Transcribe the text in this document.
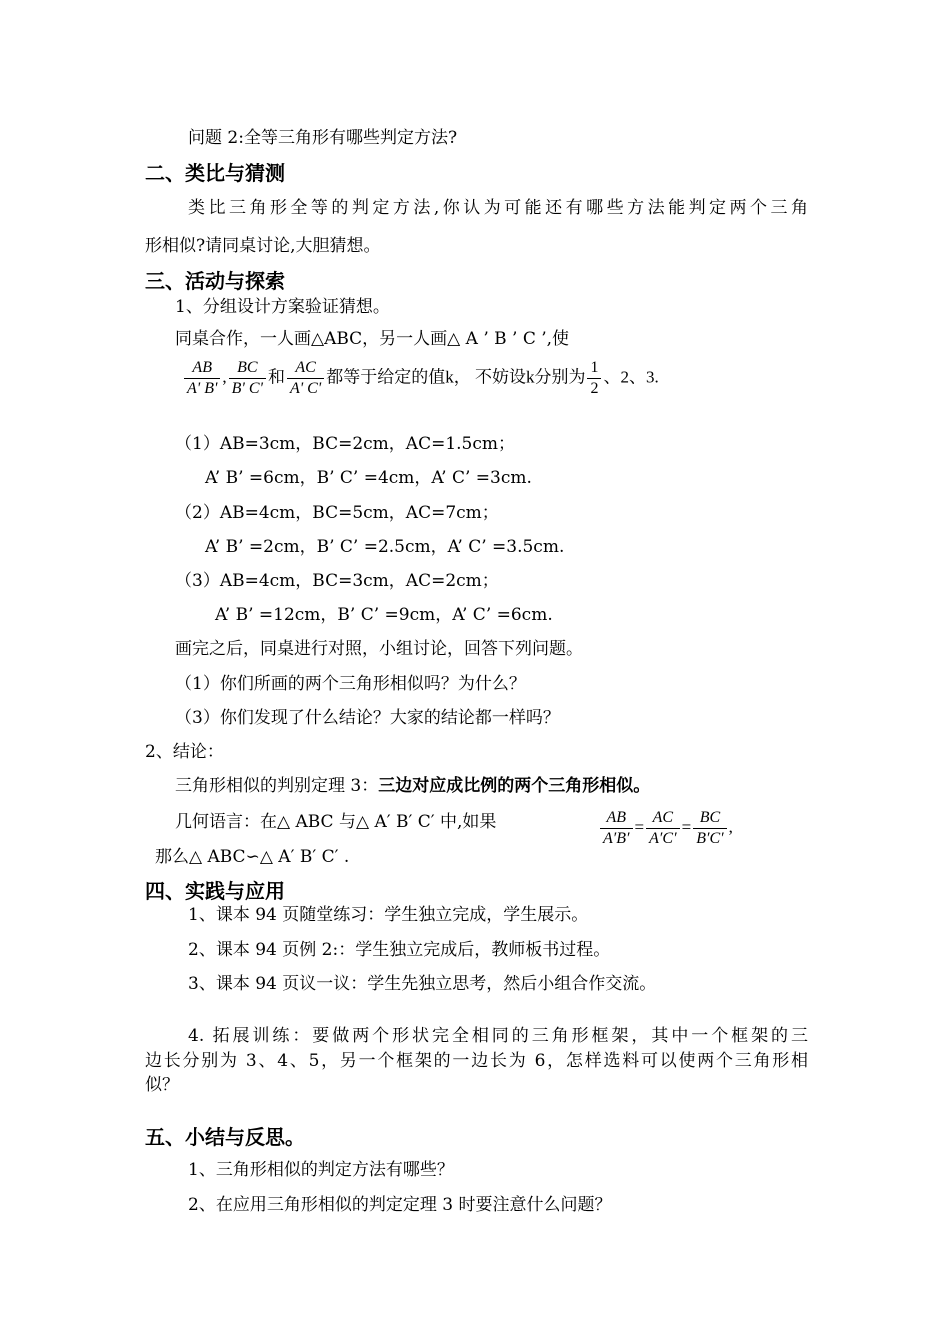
问题 2:全等三角形有哪些判定方法?
二、类比与猜测
类比三角形全等的判定方法,你认为可能还有哪些方法能判定两个三角
形相似?请同桌讨论,大胆猜想。
三、活动与探索
1、分组设计方案验证猜想。
同桌合作，一人画△ABC，另一人画△ A ’ B ’ C ’,使
$\frac{AB}{A' B'}$ , $\frac{BC}{B' C'}$ 和 $\frac{AC}{A' C'}$ 都等于给定的值k， 不妨设k分别为 $\frac{1}{2}$ 、2、3.
（1）AB=3cm，BC=2cm，AC=1.5cm；
A’ B’ =6cm，B’ C’ =4cm，A’ C’ =3cm.
（2）AB=4cm，BC=5cm，AC=7cm；
A’ B’ =2cm，B’ C’ =2.5cm，A’ C’ =3.5cm.
（3）AB=4cm，BC=3cm，AC=2cm；
A’ B’ =12cm，B’ C’ =9cm，A’ C’ =6cm.
画完之后，同桌进行对照，小组讨论，回答下列问题。
（1）你们所画的两个三角形相似吗？为什么？
（3）你们发现了什么结论？大家的结论都一样吗？
2、结论：
三角形相似的判别定理 3：三边对应成比例的两个三角形相似。
几何语言：在△ ABC 与△ A′ B′ C′ 中,如果	$\frac{AB}{A'B'} = \frac{AC}{A'C'} = \frac{BC}{B'C'}$ ,
那么△ ABC∽△ A′ B′ C′ .
四、实践与应用
1、课本 94 页随堂练习：学生独立完成，学生展示。
2、课本 94 页例 2:：学生独立完成后，教师板书过程。
3、课本 94 页议一议：学生先独立思考，然后小组合作交流。
4. 拓展训练：要做两个形状完全相同的三角形框架，其中一个框架的三
边长分别为 3、4、5，另一个框架的一边长为 6，怎样选料可以使两个三角形相
似？
五、小结与反思。
1、三角形相似的判定方法有哪些？
2、在应用三角形相似的判定定理 3 时要注意什么问题？
